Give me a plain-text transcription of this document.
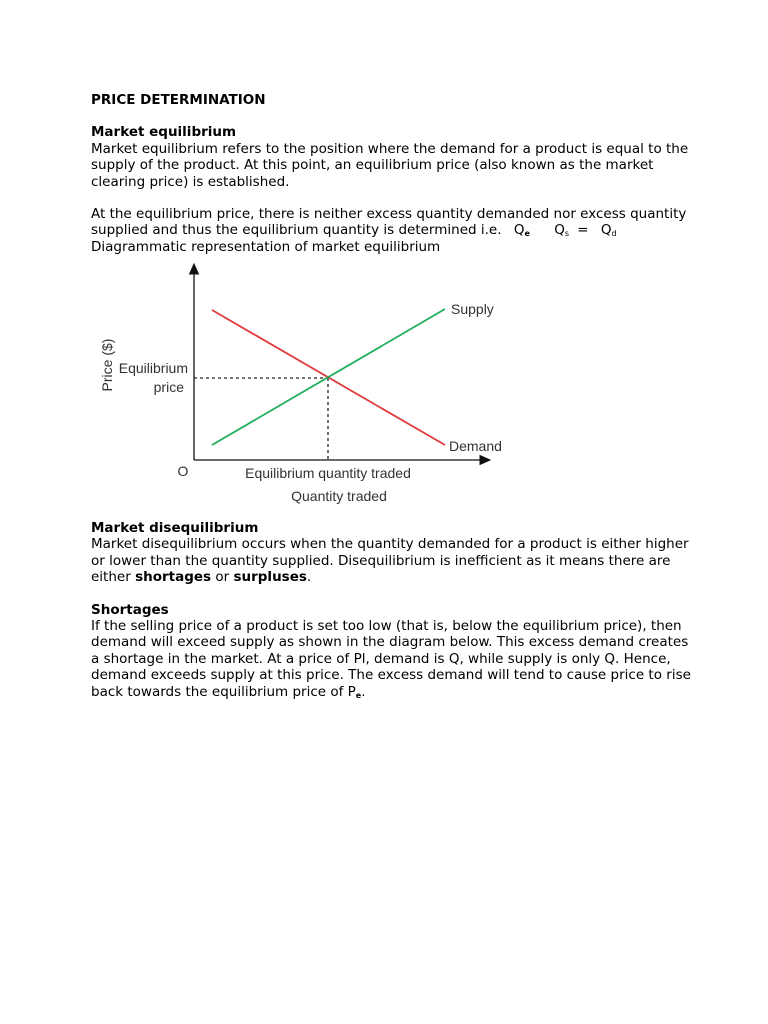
PRICE DETERMINATION

Market equilibrium

Market equilibrium refers to the position where the demand for a product is equal to the supply of the product. At this point, an equilibrium price (also known as the market clearing price) is established.

At the equilibrium price, there is neither excess quantity demanded nor excess quantity supplied and thus the equilibrium quantity is determined i.e. $Q_e$ $Q_s = Q_d$

Diagrammatic representation of market equilibrium

Price ($) Equilibrium
price
O
Supply
Demand
Equilibrium quantity traded
Quantity traded

Market disequilibrium

Market disequilibrium occurs when the quantity demanded for a product is either higher or lower than the quantity supplied. Disequilibrium is inefficient as it means there are either shortages or surpluses.

Shortages

If the selling price of a product is set too low (that is, below the equilibrium price), then demand will exceed supply as shown in the diagram below. This excess demand creates a shortage in the market. At a price of Pl, demand is Q, while supply is only Q. Hence, demand exceeds supply at this price. The excess demand will tend to cause price to rise back towards the equilibrium price of $P_e$.
